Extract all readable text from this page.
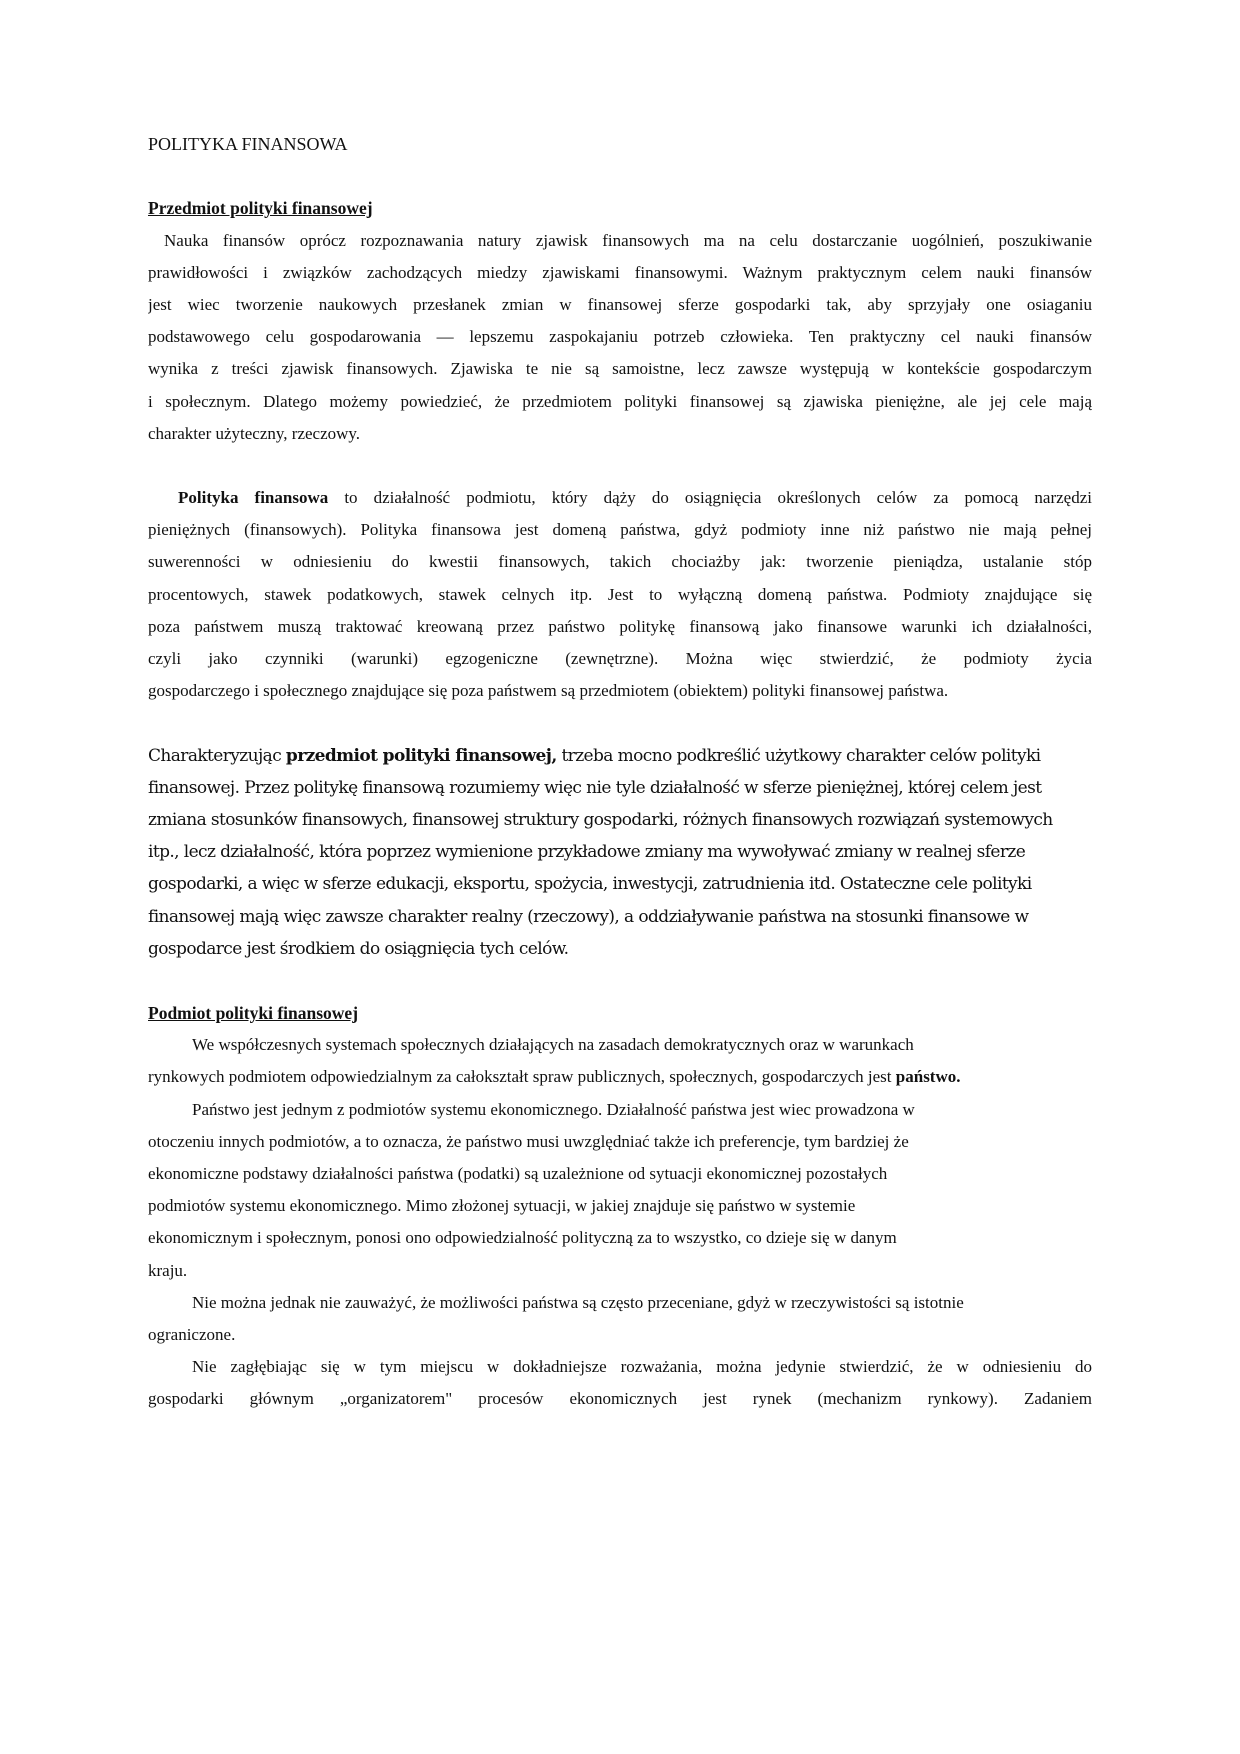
POLITYKA FINANSOWA
Przedmiot polityki finansowej
Nauka finansów oprócz rozpoznawania natury zjawisk finansowych ma na celu dostarczanie uogólnień, poszukiwanie
prawidłowości i związków zachodzących miedzy zjawiskami finansowymi. Ważnym praktycznym celem nauki finansów
jest wiec tworzenie naukowych przesłanek zmian w finansowej sferze gospodarki tak, aby sprzyjały one osiaganiu
podstawowego celu gospodarowania — lepszemu zaspokajaniu potrzeb człowieka. Ten praktyczny cel nauki finansów
wynika z treści zjawisk finansowych. Zjawiska te nie są samoistne, lecz zawsze występują w kontekście gospodarczym
i społecznym. Dlatego możemy powiedzieć, że przedmiotem polityki finansowej są zjawiska pieniężne, ale jej cele mają
charakter użyteczny, rzeczowy.
Polityka finansowa to działalność podmiotu, który dąży do osiągnięcia określonych celów za pomocą narzędzi
pieniężnych (finansowych). Polityka finansowa jest domeną państwa, gdyż podmioty inne niż państwo nie mają pełnej
suwerenności w odniesieniu do kwestii finansowych, takich chociażby jak: tworzenie pieniądza, ustalanie stóp
procentowych, stawek podatkowych, stawek celnych itp. Jest to wyłączną domeną państwa. Podmioty znajdujące się
poza państwem muszą traktować kreowaną przez państwo politykę finansową jako finansowe warunki ich działalności,
czyli jako czynniki (warunki) egzogeniczne (zewnętrzne). Można więc stwierdzić, że podmioty życia
gospodarczego i społecznego znajdujące się poza państwem są przedmiotem (obiektem) polityki finansowej państwa.
Charakteryzując przedmiot polityki finansowej, trzeba mocno podkreślić użytkowy charakter celów polityki
finansowej. Przez politykę finansową rozumiemy więc nie tyle działalność w sferze pieniężnej, której celem jest
zmiana stosunków finansowych, finansowej struktury gospodarki, różnych finansowych rozwiązań systemowych
itp., lecz działalność, która poprzez wymienione przykładowe zmiany ma wywoływać zmiany w realnej sferze
gospodarki, a więc w sferze edukacji, eksportu, spożycia, inwestycji, zatrudnienia itd. Ostateczne cele polityki
finansowej mają więc zawsze charakter realny (rzeczowy), a oddziaływanie państwa na stosunki finansowe w
gospodarce jest środkiem do osiągnięcia tych celów.
Podmiot polityki finansowej
We współczesnych systemach społecznych działających na zasadach demokratycznych oraz w warunkach
rynkowych podmiotem odpowiedzialnym za całokształt spraw publicznych, społecznych, gospodarczych jest państwo.
Państwo jest jednym z podmiotów systemu ekonomicznego. Działalność państwa jest wiec prowadzona w
otoczeniu innych podmiotów, a to oznacza, że państwo musi uwzględniać także ich preferencje, tym bardziej że
ekonomiczne podstawy działalności państwa (podatki) są uzależnione od sytuacji ekonomicznej pozostałych
podmiotów systemu ekonomicznego. Mimo złożonej sytuacji, w jakiej znajduje się państwo w systemie
ekonomicznym i społecznym, ponosi ono odpowiedzialność polityczną za to wszystko, co dzieje się w danym
kraju.
Nie można jednak nie zauważyć, że możliwości państwa są często przeceniane, gdyż w rzeczywistości są istotnie
ograniczone.
Nie zagłębiając się w tym miejscu w dokładniejsze rozważania, można jedynie stwierdzić, że w odniesieniu do
gospodarki głównym „organizatorem" procesów ekonomicznych jest rynek (mechanizm rynkowy). Zadaniem
